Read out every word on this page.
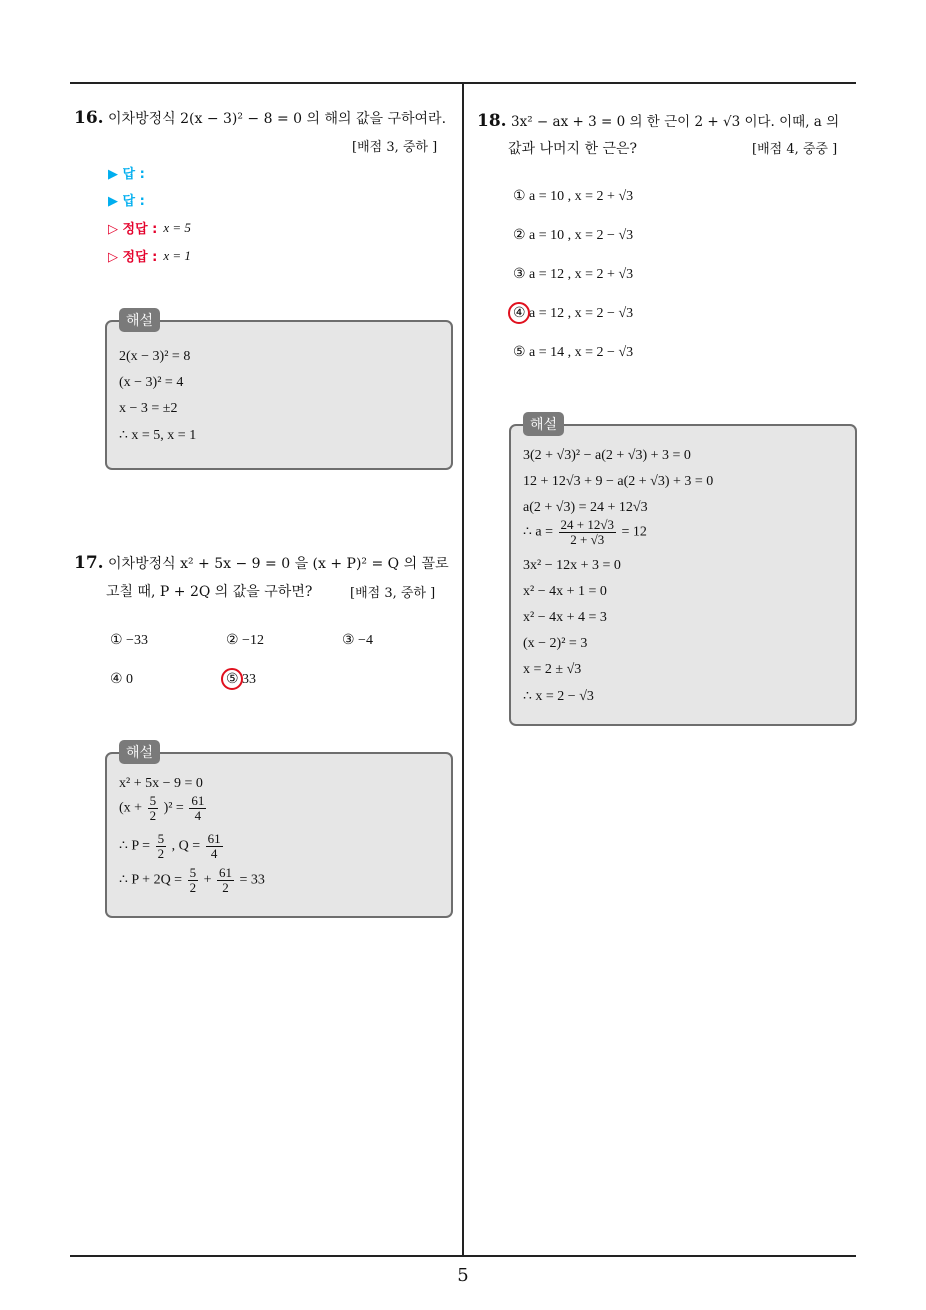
5
16. 이차방정식 2(x − 3)² − 8 = 0 의 해의 값을 구하여라.
[배점 3, 중하 ]
▶ 답 :
▶ 답 :
▷ 정답 : x = 5
▷ 정답 : x = 1
2(x − 3)² = 8
(x − 3)² = 4
x − 3 = ±2
∴ x = 5, x = 1
해설
17. 이차방정식 x² + 5x − 9 = 0 을 (x + P)² = Q 의 꼴로
고칠 때, P + 2Q 의 값을 구하면?	[배점 3, 중하 ]
① −33	② −12	③ −4
④ 0	⑤ 33
x² + 5x − 9 = 0
$(x + \frac{5}{2} )^2 = \frac{61}{4}$
∴ $P = \frac{5}{2}$ , $Q = \frac{61}{4}$
∴ $P + 2Q = \frac{5}{2} + \frac{61}{2} = 33$
해설
18. 3x² − ax + 3 = 0 의 한 근이 2 + √3 이다. 이때, a 의
값과 나머지 한 근은?	[배점 4, 중중 ]
① a = 10 , x = 2 + √3
② a = 10 , x = 2 − √3
③ a = 12 , x = 2 + √3
④ a = 12 , x = 2 − √3
⑤ a = 14 , x = 2 − √3
3(2 + √3)² − a(2 + √3) + 3 = 0
12 + 12√3 + 9 − a(2 + √3) + 3 = 0
a(2 + √3) = 24 + 12√3
∴ $a = \frac{24 + 12√3}{2 + √3} = 12$
3x² − 12x + 3 = 0
x² − 4x + 1 = 0
x² − 4x + 4 = 3
(x − 2)² = 3
x = 2 ± √3
∴ x = 2 − √3
해설
